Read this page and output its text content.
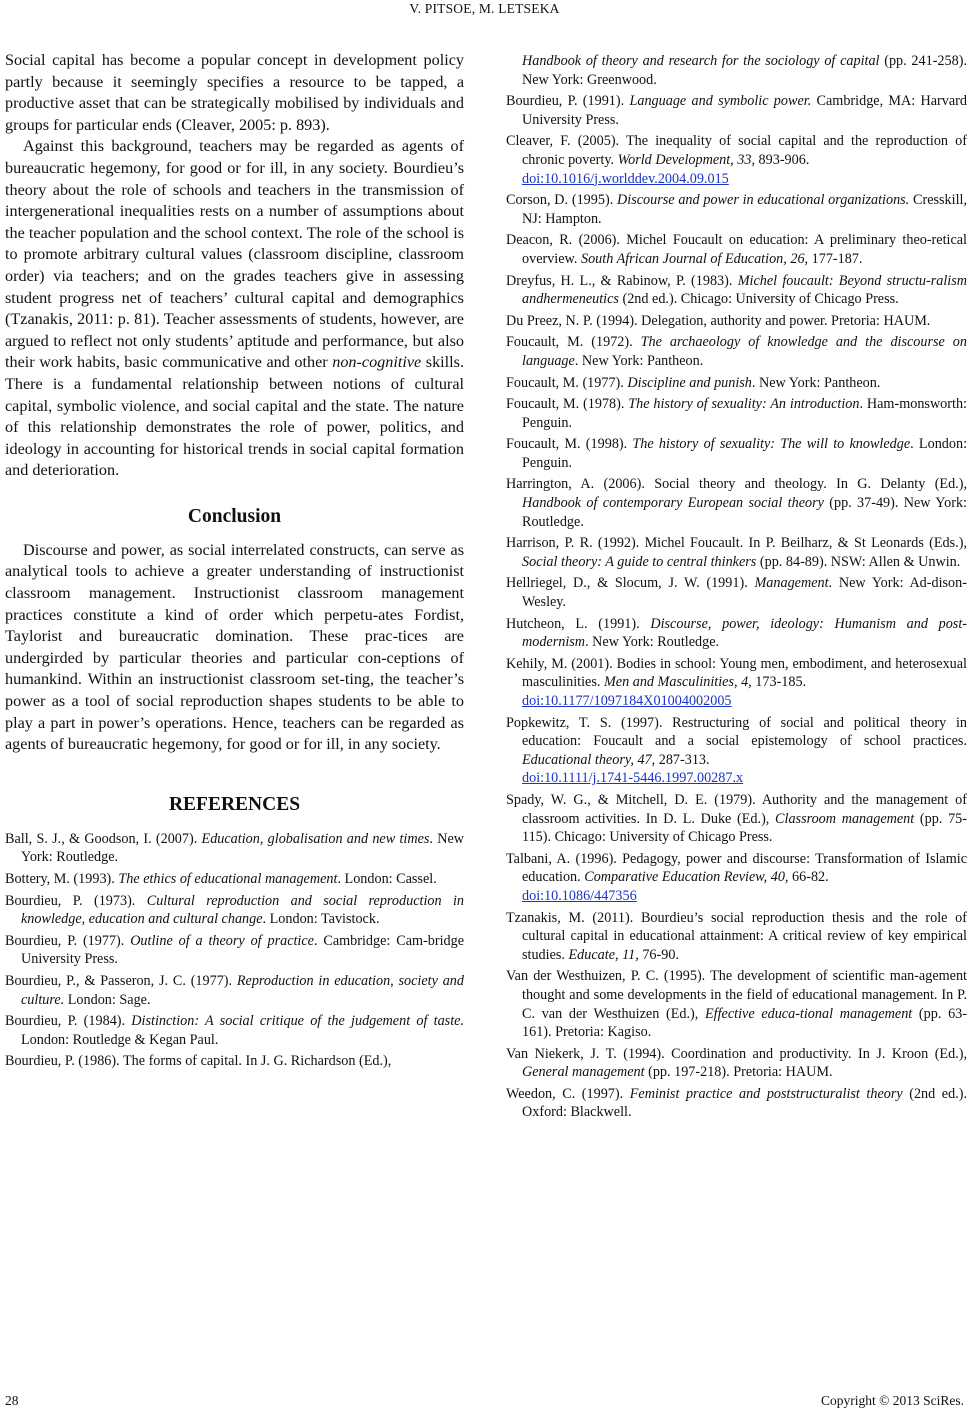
V. PITSOE, M. LETSEKA

Social capital has become a popular concept in development policy partly because it seemingly specifies a resource to be tapped, a productive asset that can be strategically mobilised by individuals and groups for particular ends (Cleaver, 2005: p. 893).

Against this background, teachers may be regarded as agents of bureaucratic hegemony, for good or for ill, in any society. Bourdieu’s theory about the role of schools and teachers in the transmission of intergenerational inequalities rests on a number of assumptions about the teacher population and the school context. The role of the school is to promote arbitrary cultural values (classroom discipline, classroom order) via teachers; and on the grades teachers give in assessing student progress net of teachers’ cultural capital and demographics (Tzanakis, 2011: p. 81). Teacher assessments of students, however, are argued to reflect not only students’ aptitude and performance, but also their work habits, basic communicative and other non-cognitive skills. There is a fundamental relationship between notions of cultural capital, symbolic violence, and social capital and the state. The nature of this relationship demonstrates the role of power, politics, and ideology in accounting for historical trends in social capital formation and deterioration.

Conclusion

Discourse and power, as social interrelated constructs, can serve as analytical tools to achieve a greater understanding of instructionist classroom management. Instructionist classroom management practices constitute a kind of order which perpetu-ates Fordist, Taylorist and bureaucratic domination. These prac-tices are undergirded by particular theories and particular con-ceptions of humankind. Within an instructionist classroom set-ting, the teacher’s power as a tool of social reproduction shapes students to be able to play a part in power’s operations. Hence, teachers can be regarded as agents of bureaucratic hegemony, for good or for ill, in any society.

REFERENCES
Ball, S. J., & Goodson, I. (2007). Education, globalisation and new times. New York: Routledge.
Bottery, M. (1993). The ethics of educational management. London: Cassel.
Bourdieu, P. (1973). Cultural reproduction and social reproduction in knowledge, education and cultural change. London: Tavistock.
Bourdieu, P. (1977). Outline of a theory of practice. Cambridge: Cam-bridge University Press.
Bourdieu, P., & Passeron, J. C. (1977). Reproduction in education, society and culture. London: Sage.
Bourdieu, P. (1984). Distinction: A social critique of the judgement of taste. London: Routledge & Kegan Paul.
Bourdieu, P. (1986). The forms of capital. In J. G. Richardson (Ed.),
Handbook of theory and research for the sociology of capital (pp. 241-258). New York: Greenwood.
Bourdieu, P. (1991). Language and symbolic power. Cambridge, MA: Harvard University Press.
Cleaver, F. (2005). The inequality of social capital and the reproduction of chronic poverty. World Development, 33, 893-906.
doi:10.1016/j.worlddev.2004.09.015
Corson, D. (1995). Discourse and power in educational organizations. Cresskill, NJ: Hampton.
Deacon, R. (2006). Michel Foucault on education: A preliminary theo-retical overview. South African Journal of Education, 26, 177-187.
Dreyfus, H. L., & Rabinow, P. (1983). Michel foucault: Beyond structu-ralism andhermeneutics (2nd ed.). Chicago: University of Chicago Press.
Du Preez, N. P. (1994). Delegation, authority and power. Pretoria: HAUM.
Foucault, M. (1972). The archaeology of knowledge and the discourse on language. New York: Pantheon.
Foucault, M. (1977). Discipline and punish. New York: Pantheon.
Foucault, M. (1978). The history of sexuality: An introduction. Ham-monsworth: Penguin.
Foucault, M. (1998). The history of sexuality: The will to knowledge. London: Penguin.
Harrington, A. (2006). Social theory and theology. In G. Delanty (Ed.), Handbook of contemporary European social theory (pp. 37-49). New York: Routledge.
Harrison, P. R. (1992). Michel Foucault. In P. Beilharz, & St Leonards (Eds.), Social theory: A guide to central thinkers (pp. 84-89). NSW: Allen & Unwin.
Hellriegel, D., & Slocum, J. W. (1991). Management. New York: Ad-dison-Wesley.
Hutcheon, L. (1991). Discourse, power, ideology: Humanism and post-modernism. New York: Routledge.
Kehily, M. (2001). Bodies in school: Young men, embodiment, and heterosexual masculinities. Men and Masculinities, 4, 173-185.
doi:10.1177/1097184X01004002005
Popkewitz, T. S. (1997). Restructuring of social and political theory in education: Foucault and a social epistemology of school practices. Educational theory, 47, 287-313.
doi:10.1111/j.1741-5446.1997.00287.x
Spady, W. G., & Mitchell, D. E. (1979). Authority and the management of classroom activities. In D. L. Duke (Ed.), Classroom management (pp. 75-115). Chicago: University of Chicago Press.
Talbani, A. (1996). Pedagogy, power and discourse: Transformation of Islamic education. Comparative Education Review, 40, 66-82.
doi:10.1086/447356
Tzanakis, M. (2011). Bourdieu’s social reproduction thesis and the role of cultural capital in educational attainment: A critical review of key empirical studies. Educate, 11, 76-90.
Van der Westhuizen, P. C. (1995). The development of scientific man-agement thought and some developments in the field of educational management. In P. C. van der Westhuizen (Ed.), Effective educa-tional management (pp. 63-161). Pretoria: Kagiso.
Van Niekerk, J. T. (1994). Coordination and productivity. In J. Kroon (Ed.), General management (pp. 197-218). Pretoria: HAUM.
Weedon, C. (1997). Feminist practice and poststructuralist theory (2nd ed.). Oxford: Blackwell.
28	Copyright © 2013 SciRes.
